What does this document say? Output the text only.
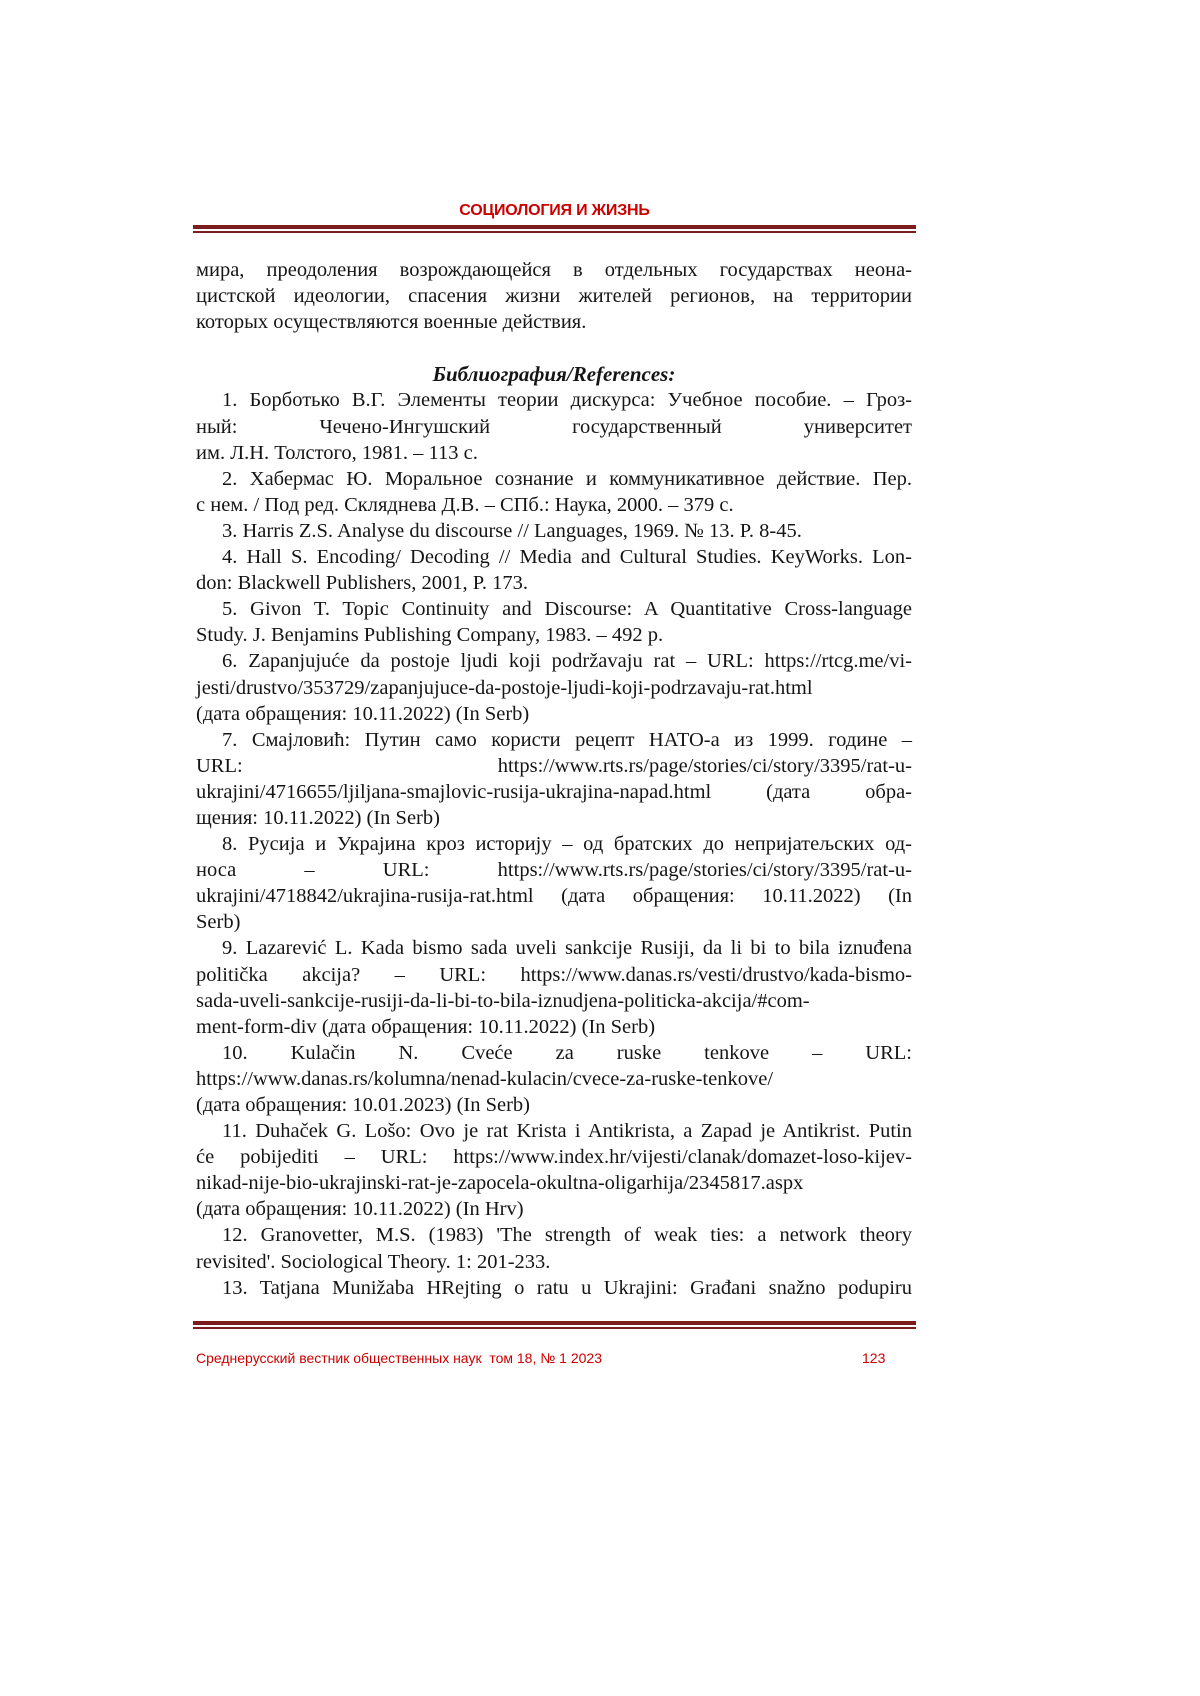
СОЦИОЛОГИЯ И ЖИЗНЬ
мира, преодоления возрождающейся в отдельных государствах неона-
цистской идеологии, спасения жизни жителей регионов, на территории
которых осуществляются военные действия.
Библиография/References:
1. Борботько В.Г. Элементы теории дискурса: Учебное пособие. – Гроз-
ный: Чечено-Ингушский государственный университет
им. Л.Н. Толстого, 1981. – 113 с.
2. Хабермас Ю. Моральное сознание и коммуникативное действие. Пер.
с нем. / Под ред. Скляднева Д.В. – СПб.: Наука, 2000. – 379 с.
3. Harris Z.S. Analyse du discourse // Languages, 1969. № 13. P. 8-45.
4. Hall S. Encoding/ Decoding // Media and Cultural Studies. KeyWorks. Lon-
don: Blackwell Publishers, 2001, P. 173.
5. Givon T. Topic Continuity and Discourse: A Quantitative Cross-language
Study. J. Benjamins Publishing Company, 1983. – 492 p.
6. Zapanjujuće da postoje ljudi koji podržavaju rat – URL: https://rtcg.me/vi-
jesti/drustvo/353729/zapanjujuce-da-postoje-ljudi-koji-podrzavaju-rat.html
(дата обращения: 10.11.2022) (In Serb)
7. Смајловић: Путин само користи рецепт НАТО-а из 1999. године –
URL: https://www.rts.rs/page/stories/ci/story/3395/rat-u-
ukrajini/4716655/ljiljana-smajlovic-rusija-ukrajina-napad.html (дата обра-
щения: 10.11.2022) (In Serb)
8. Русија и Украјина кроз историју – од братских до непријатељских од-
носа – URL: https://www.rts.rs/page/stories/ci/story/3395/rat-u-
ukrajini/4718842/ukrajina-rusija-rat.html (дата обращения: 10.11.2022) (In
Serb)
9. Lazarević L. Kada bismo sada uveli sankcije Rusiji, da li bi to bila iznuđena
politička akcija? – URL: https://www.danas.rs/vesti/drustvo/kada-bismo-
sada-uveli-sankcije-rusiji-da-li-bi-to-bila-iznudjena-politicka-akcija/#com-
ment-form-div (дата обращения: 10.11.2022) (In Serb)
10. Kulačin N. Cveće za ruske tenkove – URL:
https://www.danas.rs/kolumna/nenad-kulacin/cvece-za-ruske-tenkove/
(дата обращения: 10.01.2023) (In Serb)
11. Duhaček G. Lošo: Ovo je rat Krista i Antikrista, a Zapad je Antikrist. Putin
će pobijediti – URL: https://www.index.hr/vijesti/clanak/domazet-loso-kijev-
nikad-nije-bio-ukrajinski-rat-je-zapocela-okultna-oligarhija/2345817.aspx
(дата обращения: 10.11.2022) (In Hrv)
12. Granovetter, M.S. (1983) 'The strength of weak ties: a network theory
revisited'. Sociological Theory. 1: 201-233.
13. Tatjana Munižaba HRejting o ratu u Ukrajini: Građani snažno podupiru
Среднерусский вестник общественных наук  том 18, № 1 2023	123
